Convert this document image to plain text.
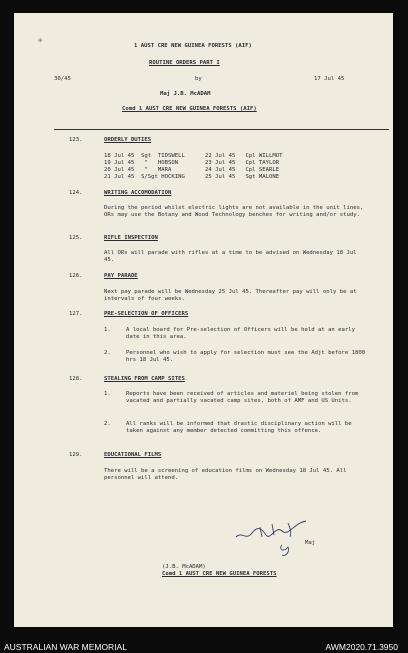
✢
1 AUST CRE NEW GUINEA FORESTS (AIF)
ROUTINE ORDERS PART I
30/45	by	17 Jul 45
Maj J.B. McADAM
Comd 1 AUST CRE NEW GUINEA FORESTS (AIF)
123.	ORDERLY DUTIES
18 Jul 45  Sgt  TIDSWELL      22 Jul 45   Cpl WILLMOT
19 Jul 45   "   HOBSON        23 Jul 45   Cpl TAYLOR
20 Jul 45   "   MARA          24 Jul 45   Cpl SEARLE
21 Jul 45  S/Sgt HOCKING      25 Jul 45   Sgt MALONE
124.	WRITING ACCOMODATION
During the period whilst electric lights are not available in the unit lines, ORs may use the Botany and Wood Technology benches for writing and/or study.
125.	RIFLE INSPECTION
All ORs will parade with rifles at a time to be advised on Wednesday 18 Jul 45.
126.	PAY PARADE
Next pay parade will be Wednesday 25 Jul 45. Thereafter pay will only be at intervals of four weeks.
127.	PRE-SELECTION OF OFFICERS
1.	A local board for Pre-selection of Officers will be held at an early date in this area.
2.	Personnel who wish to apply for selection must see the Adjt before 1800 hrs 18 Jul 45.
128.	STEALING FROM CAMP SITES
1.	Reports have been received of articles and materiel being stolen from vacated and partially vacated camp sites, both of AMF and US Units.
2.	All ranks will be informed that drastic disciplinary action will be taken against any member detected committing this offence.
129.	EDUCATIONAL FILMS
There will be a screening of education films on Wednesday 18 Jul 45. All personnel will attend.
Maj
(J.B. McADAM)
Comd 1 AUST CRE NEW GUINEA FORESTS
AUSTRALIAN WAR MEMORIAL	AWM2020.71.3950
